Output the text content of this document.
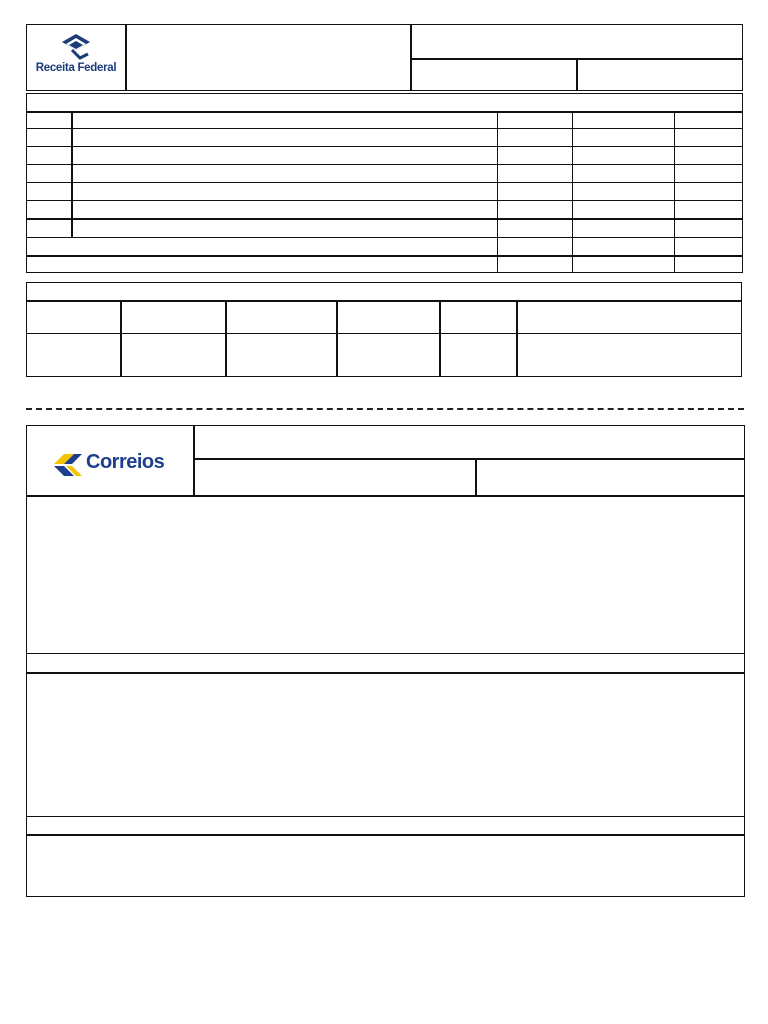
Receita Federal
Correios
